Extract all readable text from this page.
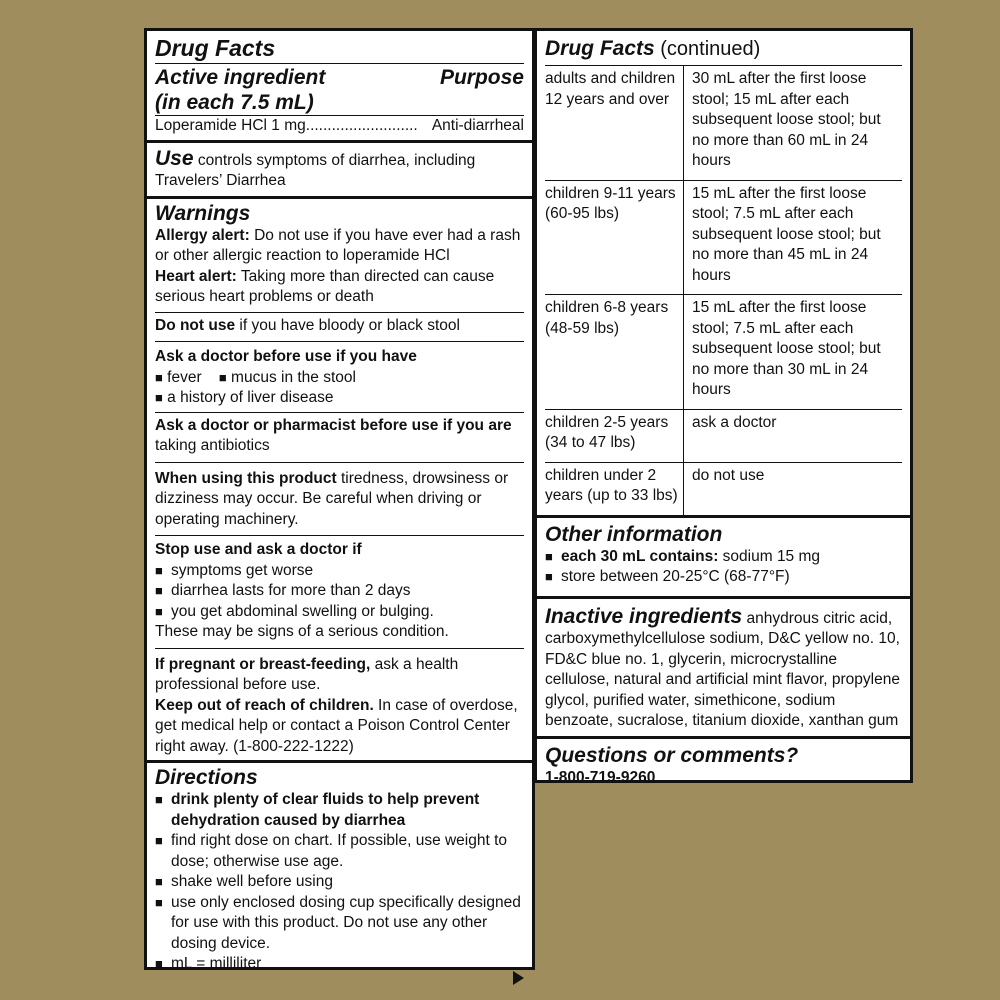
Drug Facts
Active ingredient	Purpose
(in each 7.5 mL)
Loperamide HCl 1 mg .......................... Anti-diarrheal
Use controls symptoms of diarrhea, including Travelers’ Diarrhea
Warnings
Allergy alert: Do not use if you have ever had a rash or other allergic reaction to loperamide HCl
Heart alert: Taking more than directed can cause serious heart problems or death
Do not use if you have bloody or black stool
Ask a doctor before use if you have
■ fever ■ mucus in the stool
■ a history of liver disease
Ask a doctor or pharmacist before use if you are
taking antibiotics
When using this product tiredness, drowsiness or dizziness may occur. Be careful when driving or operating machinery.
Stop use and ask a doctor if
■ symptoms get worse
■ diarrhea lasts for more than 2 days
■ you get abdominal swelling or bulging.
These may be signs of a serious condition.
If pregnant or breast-feeding, ask a health professional before use.
Keep out of reach of children. In case of overdose, get medical help or contact a Poison Control Center right away. (1-800-222-1222)
Directions
■ drink plenty of clear fluids to help prevent dehydration caused by diarrhea
■ find right dose on chart. If possible, use weight to dose; otherwise use age.
■ shake well before using
■ use only enclosed dosing cup specifically designed for use with this product. Do not use any other dosing device.
■ mL = milliliter
Drug Facts (continued)
adults and children 12 years and over	30 mL after the first loose stool; 15 mL after each subsequent loose stool; but no more than 60 mL in 24 hours
children 9-11 years (60-95 lbs)	15 mL after the first loose stool; 7.5 mL after each subsequent loose stool; but no more than 45 mL in 24 hours
children 6-8 years (48-59 lbs)	15 mL after the first loose stool; 7.5 mL after each subsequent loose stool; but no more than 30 mL in 24 hours
children 2-5 years (34 to 47 lbs)	ask a doctor
children under 2 years (up to 33 lbs)	do not use
Other information
■ each 30 mL contains: sodium 15 mg
■ store between 20-25°C (68-77°F)
Inactive ingredients anhydrous citric acid, carboxymethylcellulose sodium, D&C yellow no. 10, FD&C blue no. 1, glycerin, microcrystalline cellulose, natural and artificial mint flavor, propylene glycol, purified water, simethicone, sodium benzoate, sucralose, titanium dioxide, xanthan gum
Questions or comments?
1-800-719-9260
